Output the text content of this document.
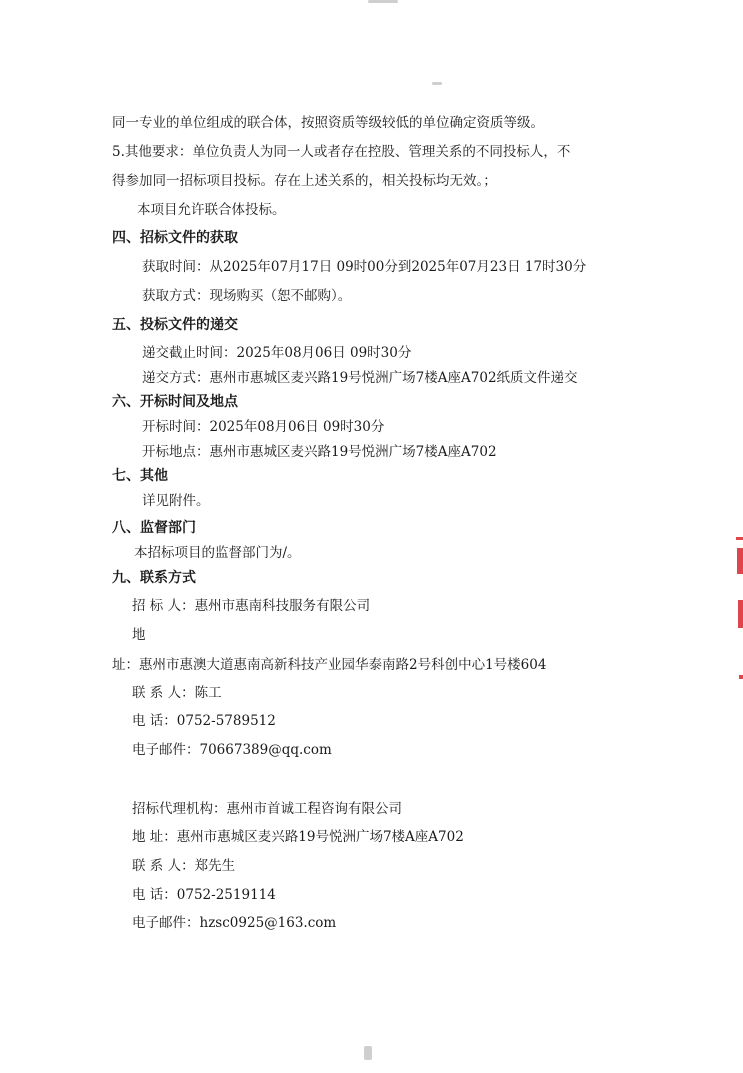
同一专业的单位组成的联合体，按照资质等级较低的单位确定资质等级。
5.其他要求：单位负责人为同一人或者存在控股、管理关系的不同投标人，不
得参加同一招标项目投标。存在上述关系的，相关投标均无效。；
本项目允许联合体投标。
四、招标文件的获取
获取时间：从2025年07月17日 09时00分到2025年07月23日 17时30分
获取方式：现场购买（恕不邮购）。
五、投标文件的递交
递交截止时间：2025年08月06日 09时30分
递交方式：惠州市惠城区麦兴路19号悦洲广场7楼A座A702纸质文件递交
六、开标时间及地点
开标时间：2025年08月06日 09时30分
开标地点：惠州市惠城区麦兴路19号悦洲广场7楼A座A702
七、其他
详见附件。
八、监督部门
本招标项目的监督部门为/。
九、联系方式
招 标 人：惠州市惠南科技服务有限公司
地
址：惠州市惠澳大道惠南高新科技产业园华泰南路2号科创中心1号楼604
联 系 人：陈工
电 话：0752-5789512
电子邮件：70667389@qq.com
招标代理机构：惠州市首诚工程咨询有限公司
地 址：惠州市惠城区麦兴路19号悦洲广场7楼A座A702
联 系 人：郑先生
电 话：0752-2519114
电子邮件：hzsc0925@163.com
